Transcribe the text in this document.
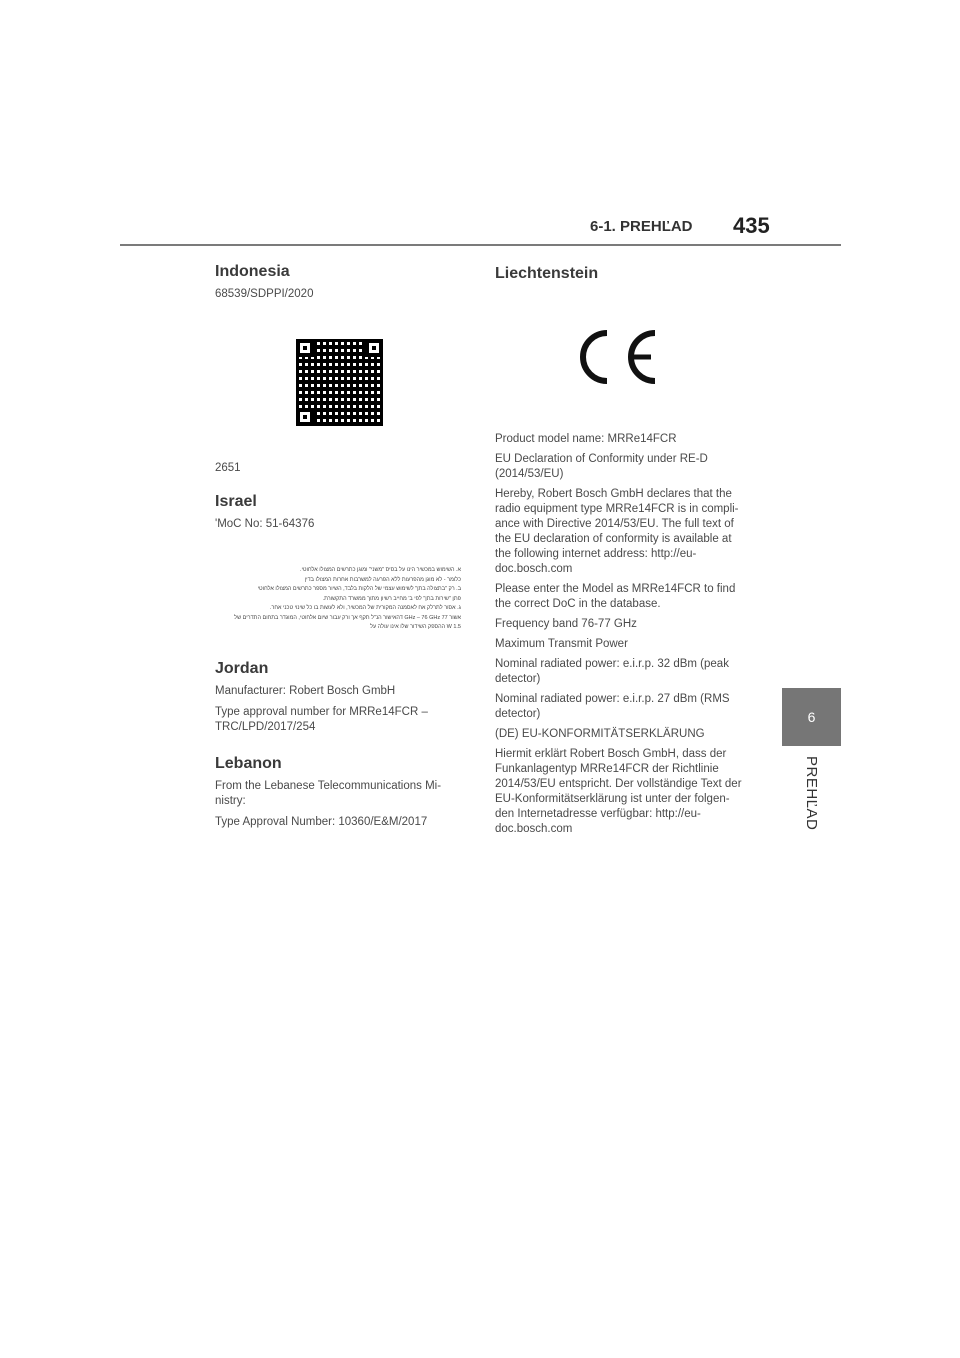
6-1. PREHĽAD 435
6
PREHĽAD
Indonesia

68539/SDPPI/2020

2651

Israel

'MoC No: 51-64376

א. השימוש במכשיר הינו על בסיס "משני" ומוגן כתרשים המצולו אלחוטי.
כלומר - לא מוגן מהפרעות ללא הפרעה למשרבות אחרות המצולו בדין
ב. רק "בתצולה בתן" לשימוש עצמי של הלקות בלבד, השיור מספר כתרשים המצולו אלחוטי
פתן "שירות בתן" לפי ב' מחייב רשיון מתוך ממשרד התקשורת.
ג. אסור לתרלק אח לאסמנה המקורית של המכשיר, ולא לעשות בו כל שינוי טכני אחר.
אשור 77 GHz – 76 GHz דהאישור הנ"ל תקף אך ורק עבור שיום אלחוטי, המוגדר בתחום התדרים של
W 1.5 ההספק השידור שלו אינו עולה על
Jordan

Manufacturer: Robert Bosch GmbH

Type approval number for MRRe14FCR – TRC/LPD/2017/254

Lebanon

From the Lebanese Telecommunications Mi-nistry:

Type Approval Number: 10360/E&M/2017

Liechtenstein

Product model name: MRRe14FCR

EU Declaration of Conformity under RE-D (2014/53/EU)

Hereby, Robert Bosch GmbH declares that the radio equipment type MRRe14FCR is in compli-ance with Directive 2014/53/EU. The full text of the EU declaration of conformity is available at the following internet address: http://eu-doc.bosch.com

Please enter the Model as MRRe14FCR to find the correct DoC in the database.

Frequency band 76-77 GHz

Maximum Transmit Power

Nominal radiated power: e.i.r.p. 32 dBm (peak detector)

Nominal radiated power: e.i.r.p. 27 dBm (RMS detector)

(DE) EU-KONFORMITÄTSERKLÄRUNG

Hiermit erklärt Robert Bosch GmbH, dass der Funkanlagentyp MRRe14FCR der Richtlinie 2014/53/EU entspricht. Der vollständige Text der EU-Konformitätserklärung ist unter der folgen-den Internetadresse verfügbar: http://eu-doc.bosch.com
